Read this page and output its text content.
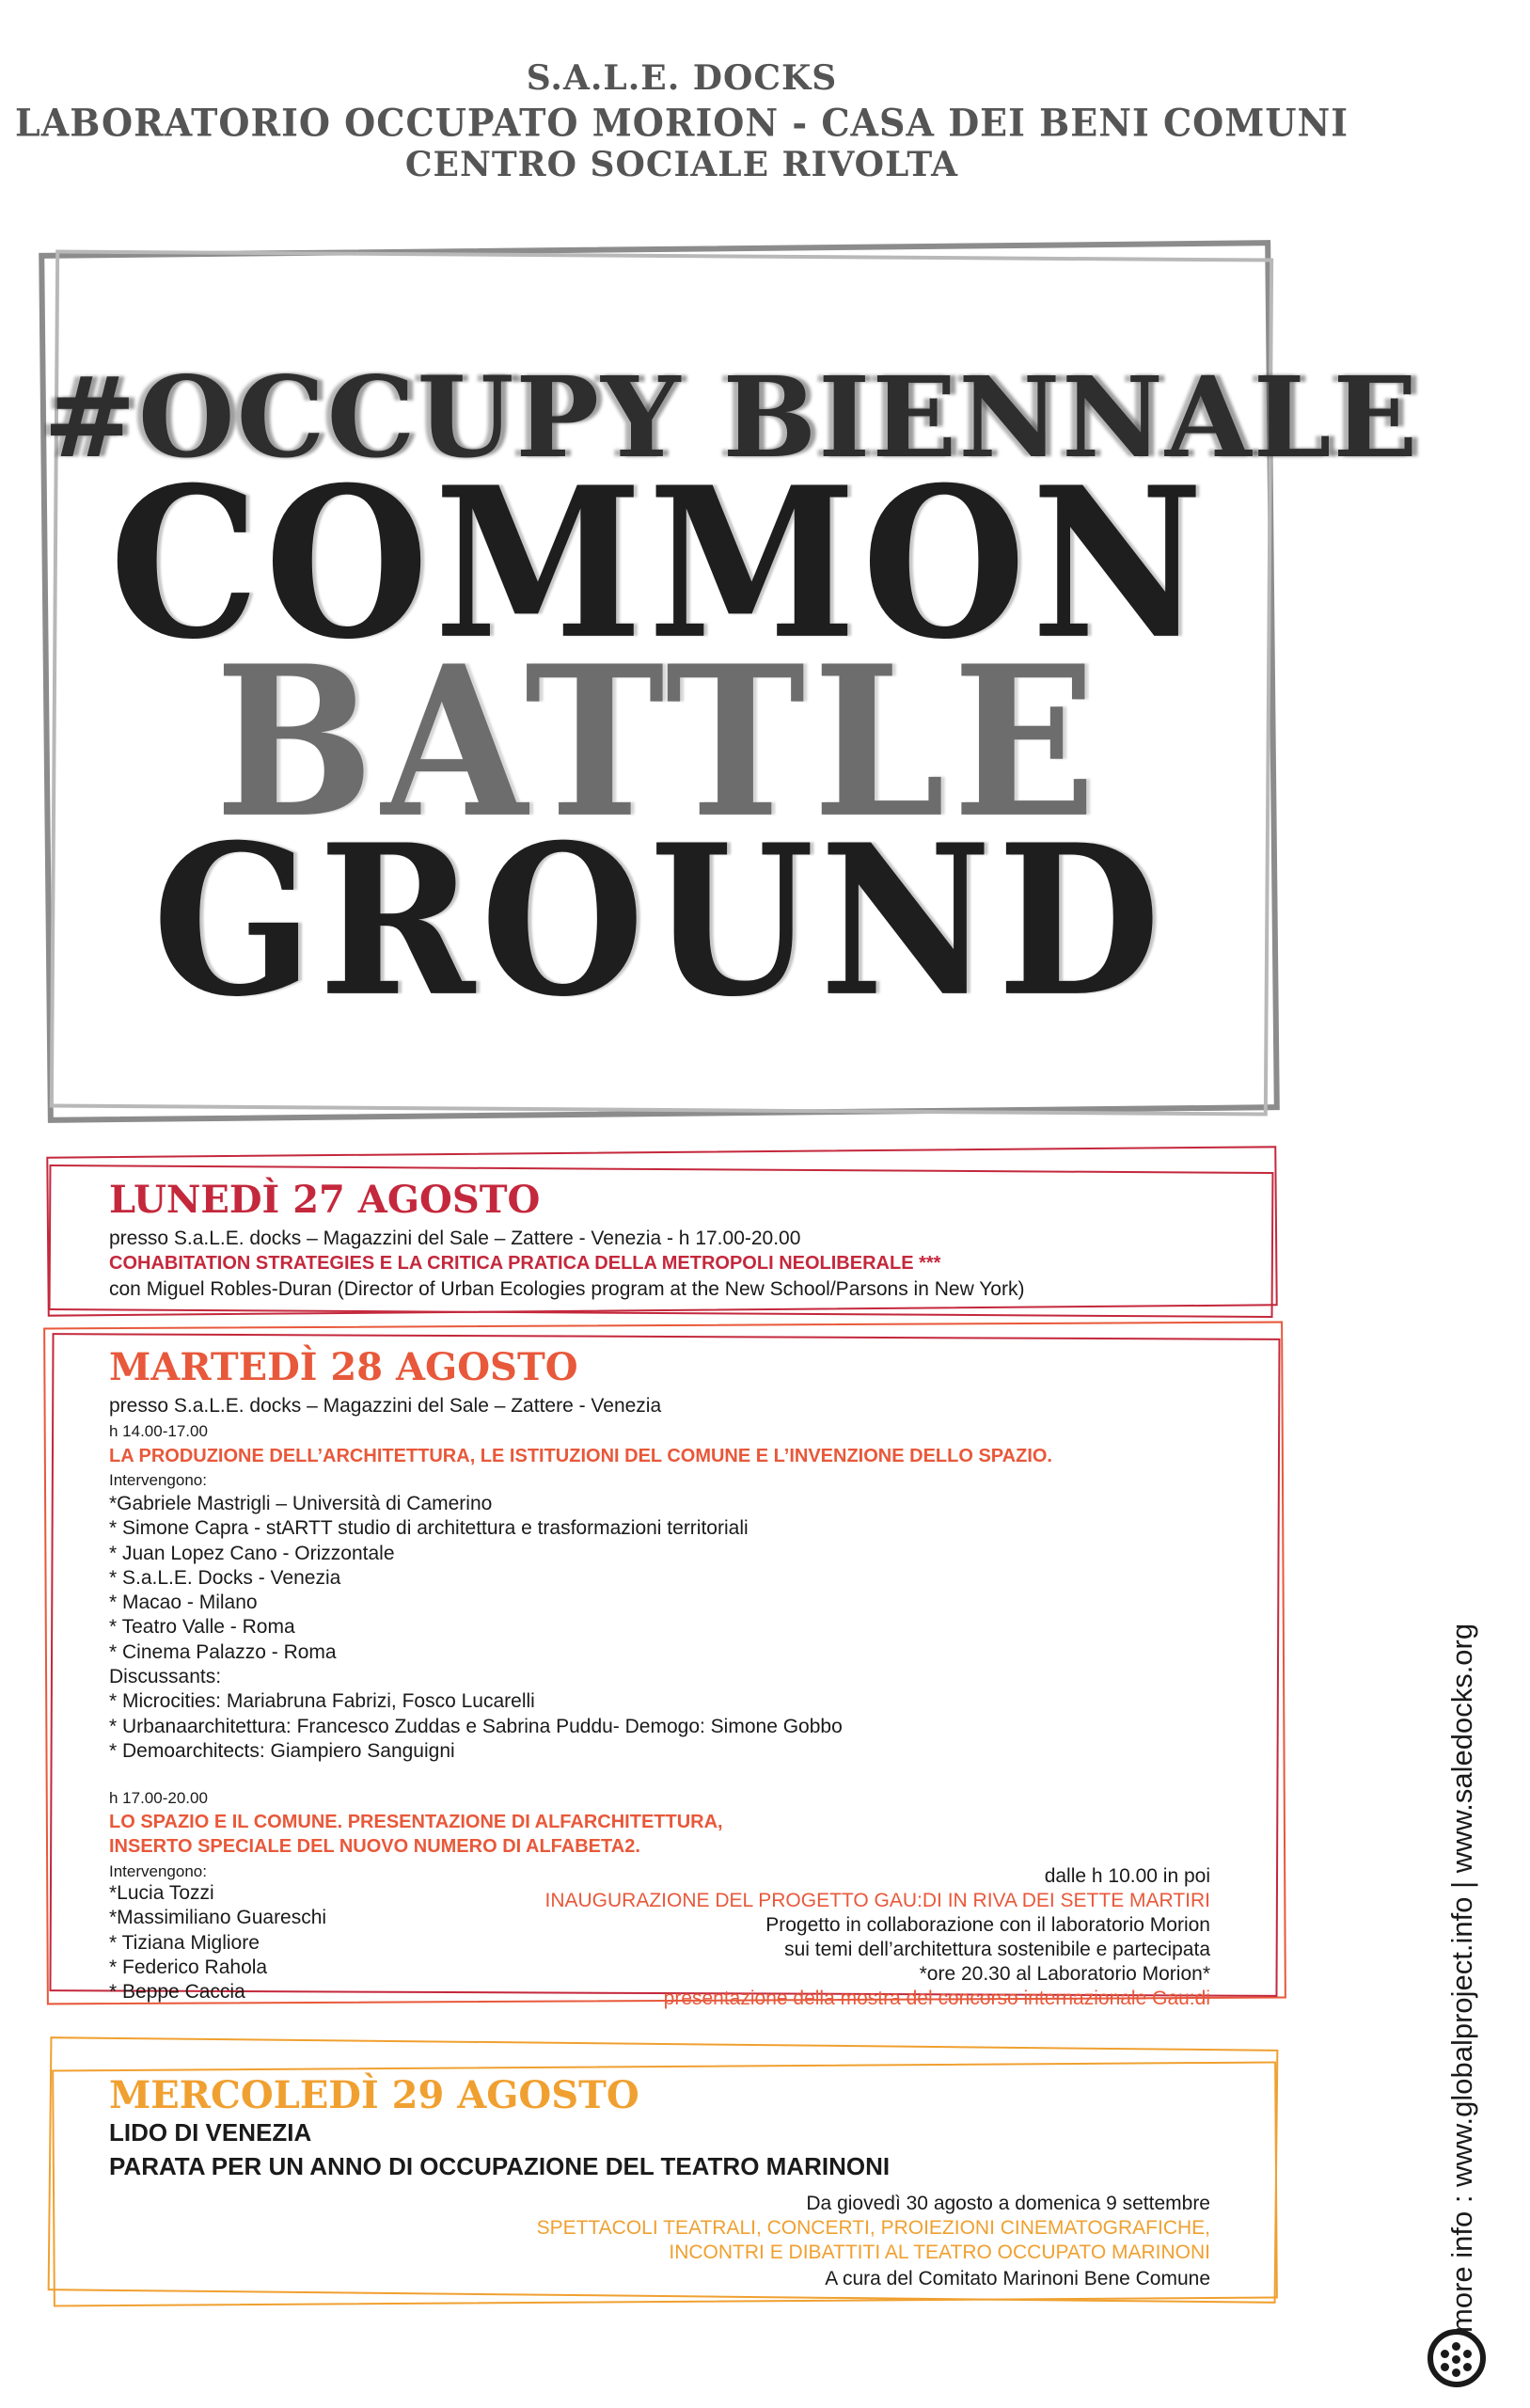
S.A.L.E. DOCKS
LABORATORIO OCCUPATO MORION - CASA DEI BENI COMUNI
CENTRO SOCIALE RIVOLTA
#OCCUPY BIENNALE
COMMON
BATTLE
GROUND
LUNEDÌ 27 AGOSTO
presso S.a.L.E. docks – Magazzini del Sale – Zattere - Venezia - h 17.00-20.00
COHABITATION STRATEGIES E LA CRITICA PRATICA DELLA METROPOLI NEOLIBERALE ***
con Miguel Robles-Duran (Director of Urban Ecologies program at the New School/Parsons in New York)
MARTEDÌ 28 AGOSTO
presso S.a.L.E. docks – Magazzini del Sale – Zattere - Venezia
h 14.00-17.00
LA PRODUZIONE DELL’ARCHITETTURA, LE ISTITUZIONI DEL COMUNE E L’INVENZIONE DELLO SPAZIO.
Intervengono:
*Gabriele Mastrigli – Università di Camerino
* Simone Capra - stARTT studio di architettura e trasformazioni territoriali
* Juan Lopez Cano - Orizzontale
* S.a.L.E. Docks - Venezia
* Macao - Milano
* Teatro Valle - Roma
* Cinema Palazzo - Roma
Discussants:
* Microcities: Mariabruna Fabrizi, Fosco Lucarelli
* Urbanaarchitettura: Francesco Zuddas e Sabrina Puddu- Demogo: Simone Gobbo
* Demoarchitects: Giampiero Sanguigni
h 17.00-20.00
LO SPAZIO E IL COMUNE. PRESENTAZIONE DI ALFARCHITETTURA,
INSERTO SPECIALE DEL NUOVO NUMERO DI ALFABETA2.
Intervengono:
*Lucia Tozzi
*Massimiliano Guareschi
* Tiziana Migliore
* Federico Rahola
* Beppe Caccia
dalle h 10.00 in poi
INAUGURAZIONE DEL PROGETTO GAU:DI IN RIVA DEI SETTE MARTIRI
Progetto in collaborazione con il laboratorio Morion
sui temi dell’architettura sostenibile e partecipata
*ore 20.30 al Laboratorio Morion*
presentazione della mostra del concorso internazionale Gau:di
MERCOLEDÌ 29 AGOSTO
LIDO DI VENEZIA
PARATA PER UN ANNO DI OCCUPAZIONE DEL TEATRO MARINONI
Da giovedì 30 agosto a domenica 9 settembre
SPETTACOLI TEATRALI, CONCERTI, PROIEZIONI CINEMATOGRAFICHE,
INCONTRI E DIBATTITI AL TEATRO OCCUPATO MARINONI
A cura del Comitato Marinoni Bene Comune	more info : www.globalproject.info | www.saledocks.org
